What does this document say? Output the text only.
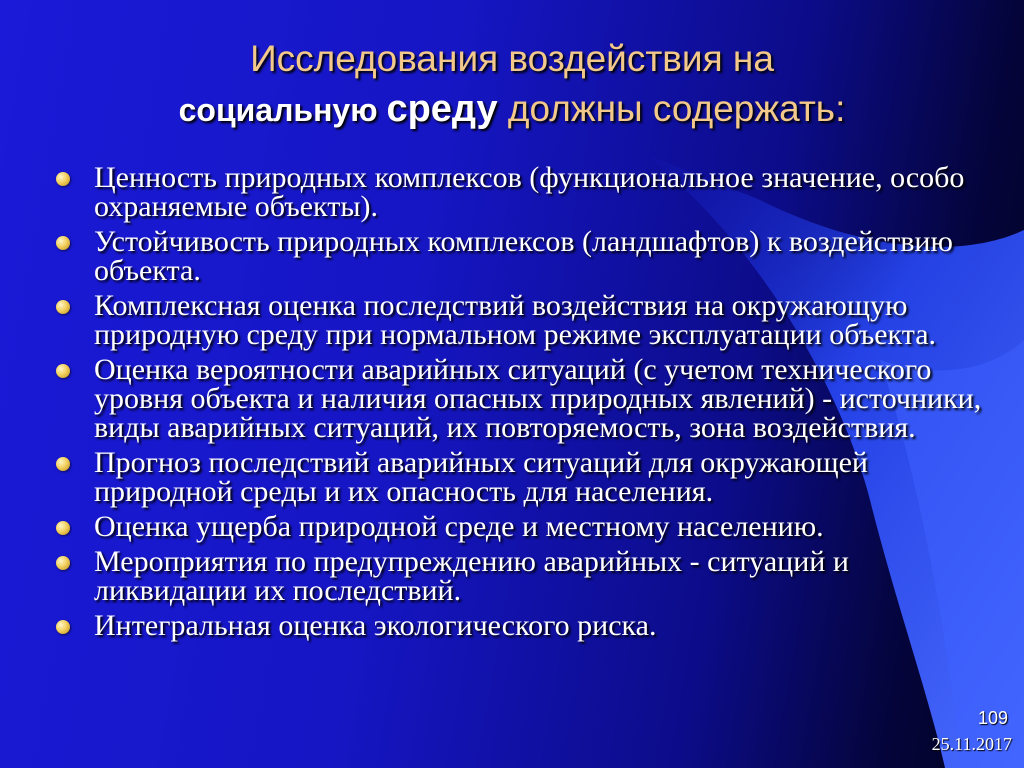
Исследования воздействия на
социальную среду должны содержать:
Ценность природных комплексов (функциональное значение, особо охраняемые объекты).
Устойчивость природных комплексов (ландшафтов) к воздействию объекта.
Комплексная оценка последствий воздействия на окружающую природную среду при нормальном режиме эксплуатации объекта.
Оценка вероятности аварийных ситуаций (с учетом технического уровня объекта и наличия опасных природных явлений) - источники, виды аварийных ситуаций, их повторяемость, зона воздействия.
Прогноз последствий аварийных ситуаций для окружающей природной среды и их опасность для населения.
Оценка ущерба природной среде и местному населению.
Мероприятия по предупреждению аварийных - ситуаций и ликвидации их последствий.
Интегральная оценка экологического риска.
109
25.11.2017
